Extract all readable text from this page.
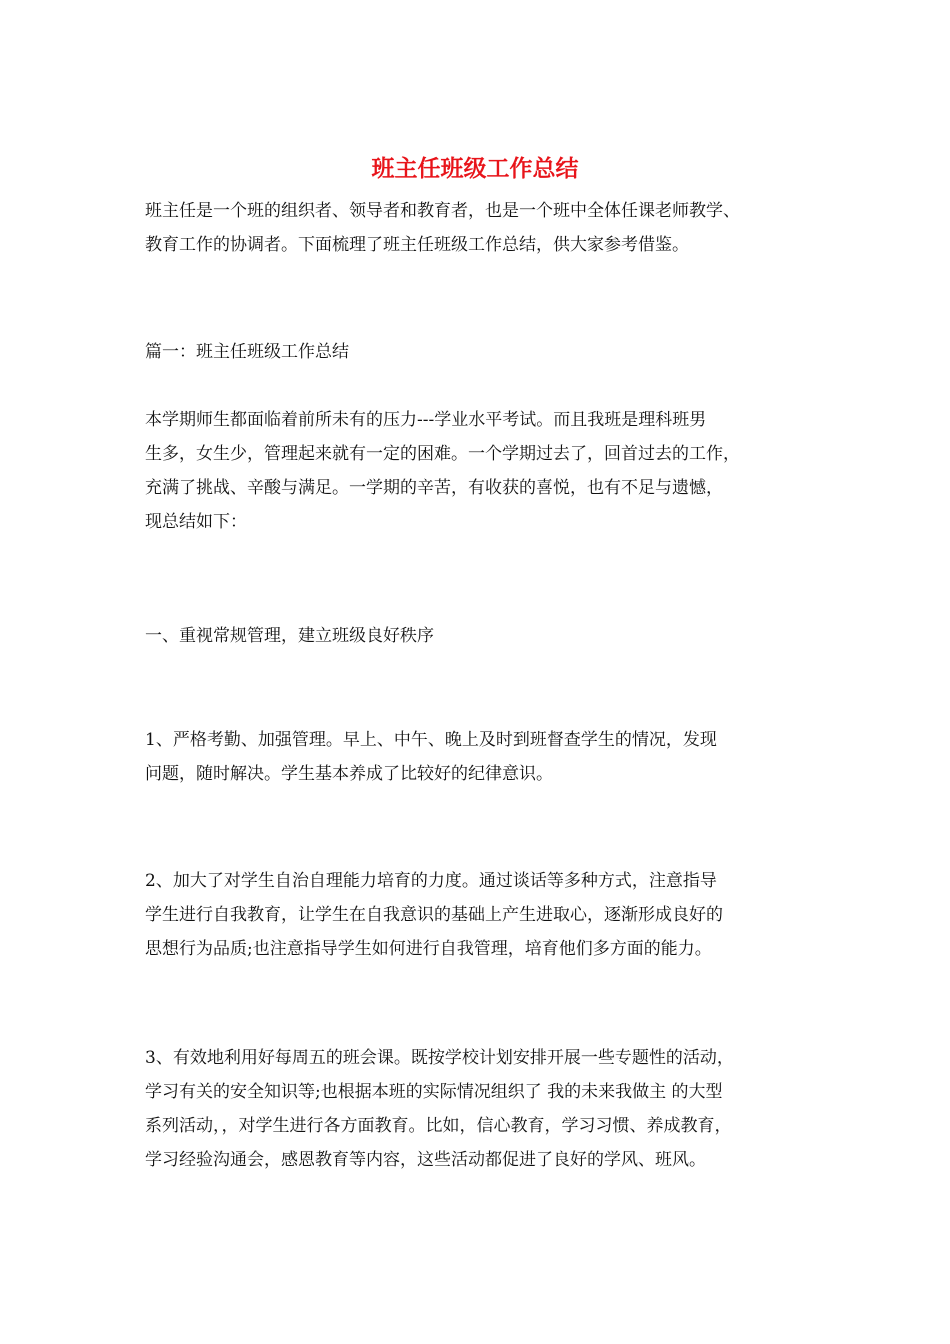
班主任班级工作总结

班主任是一个班的组织者、领导者和教育者，也是一个班中全体任课老师教学、
教育工作的协调者。下面梳理了班主任班级工作总结，供大家参考借鉴。

篇一：班主任班级工作总结

本学期师生都面临着前所未有的压力---学业水平考试。而且我班是理科班男
生多，女生少，管理起来就有一定的困难。一个学期过去了，回首过去的工作，
充满了挑战、辛酸与满足。一学期的辛苦，有收获的喜悦，也有不足与遗憾，
现总结如下：

一、重视常规管理，建立班级良好秩序

1、严格考勤、加强管理。早上、中午、晚上及时到班督查学生的情况，发现
问题，随时解决。学生基本养成了比较好的纪律意识。

2、加大了对学生自治自理能力培育的力度。通过谈话等多种方式，注意指导
学生进行自我教育，让学生在自我意识的基础上产生进取心，逐渐形成良好的
思想行为品质;也注意指导学生如何进行自我管理，培育他们多方面的能力。

3、有效地利用好每周五的班会课。既按学校计划安排开展一些专题性的活动，
学习有关的安全知识等;也根据本班的实际情况组织了 我的未来我做主 的大型
系列活动，，对学生进行各方面教育。比如，信心教育，学习习惯、养成教育，
学习经验沟通会，感恩教育等内容，这些活动都促进了良好的学风、班风。
